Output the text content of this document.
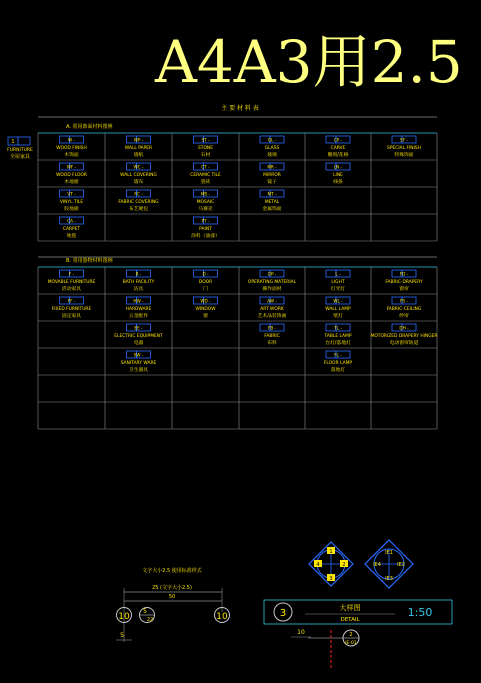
A4A3用2.5
主 要 材 料 表
A. 常用饰面材料图例
W -
WOOD FINISH
木饰面
WP -
WALL PAPER
墙纸
ST -
STONE
石材
GL -
GLASS
玻璃
CP -
CARVE
雕刻/花格
SF -
SPECIAL FINISH
特殊饰面
WF -
WOOD FLOOR
木地板
WC -
WALL COVERING
墙布
CT -
CERAMIC TILE
瓷砖
MR -
MIRROR
镜子
LN -
LINE
线条
VT -
VINYL TILE
胶地板
FC -
FABRIC COVERING
布艺硬包
MS -
MOSAIC
马赛克
MT -
METAL
金属饰面
CA -
CARPET
地毯
PT -
PAINT
涂料（油漆）
1
FURNITURE
全屋家具
B. 常用器物材料图例
F -
MOVABLE FURNITURE
活动家具
B -
BATH FACILITY
洁具
D -
DOOR
门
OP -
OPERATING MATERIAL
操作面材
L -
LIGHT
灯光灯
FD -
FABRIC-DRAPERY
窗帘
FF -
FIXED FURNITURE
固定家具
HW -
HARDWARE
五金配件
WD -
WINDOW
窗
AW -
ART WORK
艺术品装饰画
WL -
WALL LAMP
壁灯
FS -
FABRIC-CEILING
纱帘
EE -
ELECTRIC EQUIPMENT
电器
FB -
FABRIC
布料
TL -
TABLE LAMP
台灯/落地灯
DH -
MOTORIZED DRAPERY HINGER
电动窗帘轨道
SW -
SANITARY WARE
卫生器具
FL -
FLOOR LAMP
落地灯
文字大小2.5 使用标准样式
25 (文字大小2.5)
50
10	10
5
22
5
1
2
3
4
IE1
IE2
IE3
IE4
3	大样图
DETAIL
1:50
10	2
IE-01
